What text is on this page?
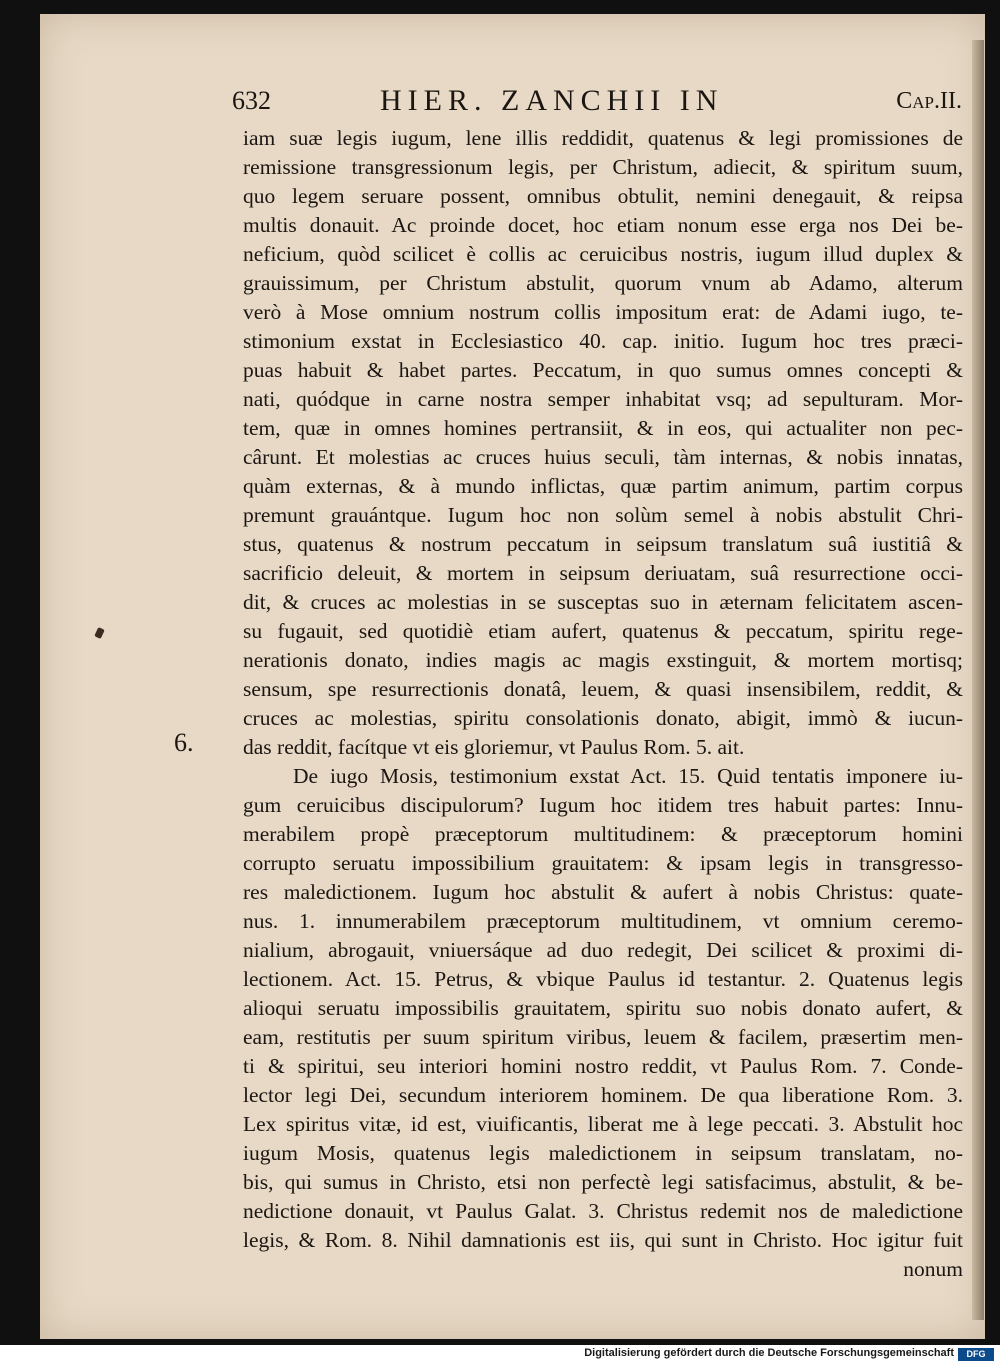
632	HIER. ZANCHII IN	Cap.II.
6.
iam suæ legis iugum, lene illis reddidit, quatenus & legi promissiones de
remissione transgressionum legis, per Christum, adiecit, & spiritum suum,
quo legem seruare possent, omnibus obtulit, nemini denegauit, & reipsa
multis donauit. Ac proinde docet, hoc etiam nonum esse erga nos Dei be-
neficium, quòd scilicet è collis ac ceruicibus nostris, iugum illud duplex &
grauissimum, per Christum abstulit, quorum vnum ab Adamo, alterum
verò à Mose omnium nostrum collis impositum erat: de Adami iugo, te-
stimonium exstat in Ecclesiastico 40. cap. initio. Iugum hoc tres præci-
puas habuit & habet partes. Peccatum, in quo sumus omnes concepti &
nati, quódque in carne nostra semper inhabitat vsq; ad sepulturam. Mor-
tem, quæ in omnes homines pertransiit, & in eos, qui actualiter non pec-
cârunt. Et molestias ac cruces huius seculi, tàm internas, & nobis innatas,
quàm externas, & à mundo inflictas, quæ partim animum, partim corpus
premunt grauántque. Iugum hoc non solùm semel à nobis abstulit Chri-
stus, quatenus & nostrum peccatum in seipsum translatum suâ iustitiâ &
sacrificio deleuit, & mortem in seipsum deriuatam, suâ resurrectione occi-
dit, & cruces ac molestias in se susceptas suo in æternam felicitatem ascen-
su fugauit, sed quotidiè etiam aufert, quatenus & peccatum, spiritu rege-
nerationis donato, indies magis ac magis exstinguit, & mortem mortisq;
sensum, spe resurrectionis donatâ, leuem, & quasi insensibilem, reddit, &
cruces ac molestias, spiritu consolationis donato, abigit, immò & iucun-
das reddit, facítque vt eis gloriemur, vt Paulus Rom. 5. ait.
De iugo Mosis, testimonium exstat Act. 15. Quid tentatis imponere iu-
gum ceruicibus discipulorum? Iugum hoc itidem tres habuit partes: Innu-
merabilem propè præceptorum multitudinem: & præceptorum homini
corrupto seruatu impossibilium grauitatem: & ipsam legis in transgresso-
res maledictionem. Iugum hoc abstulit & aufert à nobis Christus: quate-
nus. 1. innumerabilem præceptorum multitudinem, vt omnium ceremo-
nialium, abrogauit, vniuersáque ad duo redegit, Dei scilicet & proximi di-
lectionem. Act. 15. Petrus, & vbique Paulus id testantur. 2. Quatenus legis
alioqui seruatu impossibilis grauitatem, spiritu suo nobis donato aufert, &
eam, restitutis per suum spiritum viribus, leuem & facilem, præsertim men-
ti & spiritui, seu interiori homini nostro reddit, vt Paulus Rom. 7. Conde-
lector legi Dei, secundum interiorem hominem. De qua liberatione Rom. 3.
Lex spiritus vitæ, id est, viuificantis, liberat me à lege peccati. 3. Abstulit hoc
iugum Mosis, quatenus legis maledictionem in seipsum translatam, no-
bis, qui sumus in Christo, etsi non perfectè legi satisfacimus, abstulit, & be-
nedictione donauit, vt Paulus Galat. 3. Christus redemit nos de maledictione
legis, & Rom. 8. Nihil damnationis est iis, qui sunt in Christo. Hoc igitur fuit
nonum
Digitalisierung gefördert durch die Deutsche Forschungsgemeinschaft	DFG
